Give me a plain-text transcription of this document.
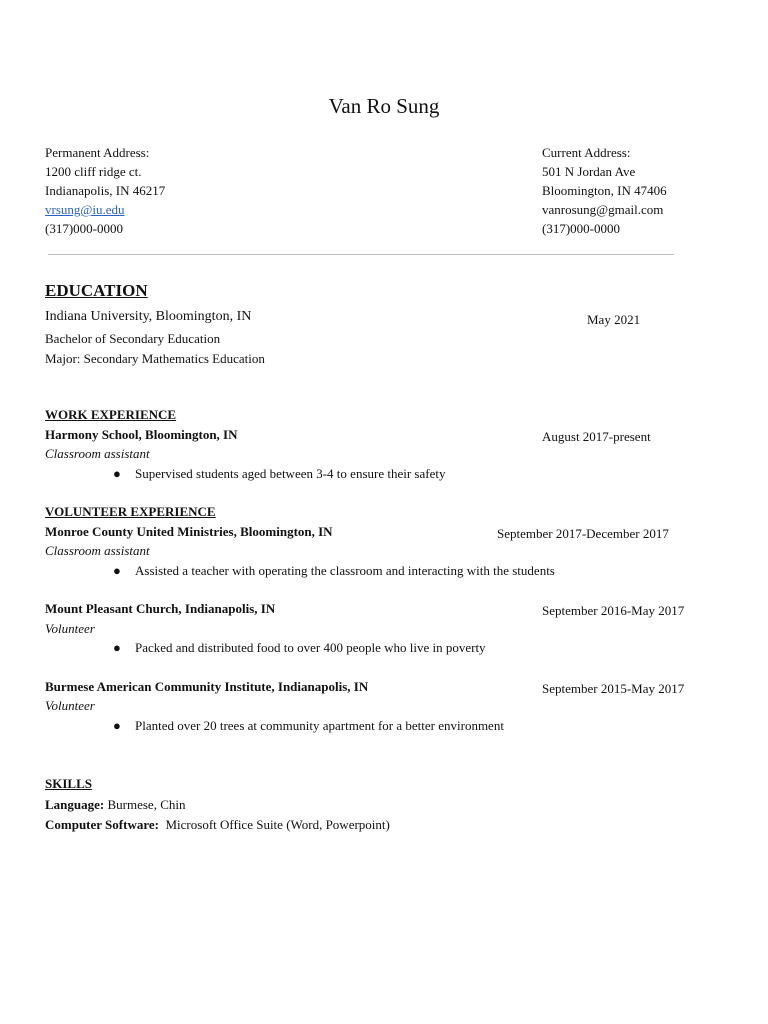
Van Ro Sung
Permanent Address:
1200 cliff ridge ct.
Indianapolis, IN 46217
vrsung@iu.edu
(317)000-0000
Current Address:
501 N Jordan Ave
Bloomington, IN 47406
vanrosung@gmail.com
(317)000-0000
EDUCATION
Indiana University, Bloomington, IN	May 2021
Bachelor of Secondary Education
Major: Secondary Mathematics Education
WORK EXPERIENCE
Harmony School, Bloomington, IN	August 2017-present
Classroom assistant
● Supervised students aged between 3-4 to ensure their safety
VOLUNTEER EXPERIENCE
Monroe County United Ministries, Bloomington, IN	September 2017-December 2017
Classroom assistant
● Assisted a teacher with operating the classroom and interacting with the students
Mount Pleasant Church, Indianapolis, IN	September 2016-May 2017
Volunteer
● Packed and distributed food to over 400 people who live in poverty
Burmese American Community Institute, Indianapolis, IN	September 2015-May 2017
Volunteer
● Planted over 20 trees at community apartment for a better environment
SKILLS
Language: Burmese, Chin
Computer Software:  Microsoft Office Suite (Word, Powerpoint)
